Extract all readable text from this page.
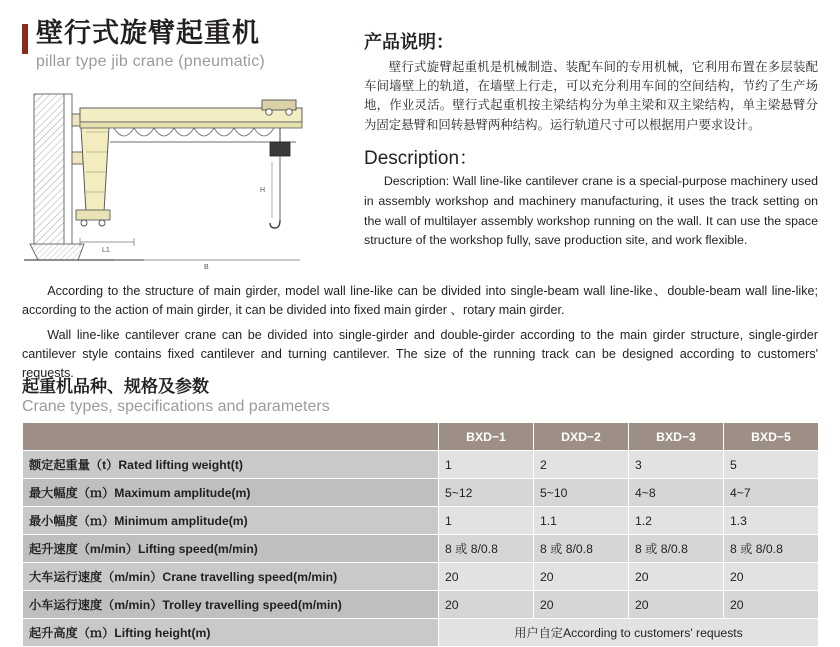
壁行式旋臂起重机
pillar type jib crane (pneumatic)
产品说明：

壁行式旋臂起重机是机械制造、装配车间的专用机械，它利用布置在多层装配车间墙壁上的轨道，在墙壁上行走，可以充分利用车间的空间结构，节约了生产场地，作业灵活。壁行式起重机按主梁结构分为单主梁和双主梁结构，单主梁悬臂分为固定悬臂和回转悬臂两种结构。运行轨道尺寸可以根据用户要求设计。

Description：

Description: Wall line-like cantilever crane is a special-purpose machinery used in assembly workshop and machinery manufacturing, it uses the track setting on the wall of multilayer assembly workshop running on the wall. It can use the space structure of the workshop fully, save production site, and work flexible.

L1
H
B

According to the structure of main girder, model wall line-like can be divided into single-beam wall line-like、double-beam wall line-like; according to the action of main girder, it can be divided into fixed main girder 、rotary main girder.

Wall line-like cantilever crane can be divided into single-girder and double-girder according to the main girder structure, single-girder cantilever style contains fixed cantilever and turning cantilever. The size of the running track can be designed according to customers' requests.

起重机品种、规格及参数
Crane types, specifications and parameters
	BXD−1	DXD−2	BXD−3	BXD−5
额定起重量（t）Rated lifting weight(t)	1	2	3	5
最大幅度（ｍ）Maximum amplitude(m)	5~12	5~10	4~8	4~7
最小幅度（ｍ）Minimum amplitude(m)	1	1.1	1.2	1.3
起升速度（m/min）Lifting speed(m/min)	8 或 8/0.8	8 或 8/0.8	8 或 8/0.8	8 或 8/0.8
大车运行速度（m/min）Crane travelling speed(m/min)	20	20	20	20
小车运行速度（m/min）Trolley travelling speed(m/min)	20	20	20	20
起升高度（ｍ）Lifting height(m)	用户自定According to customers' requests			
